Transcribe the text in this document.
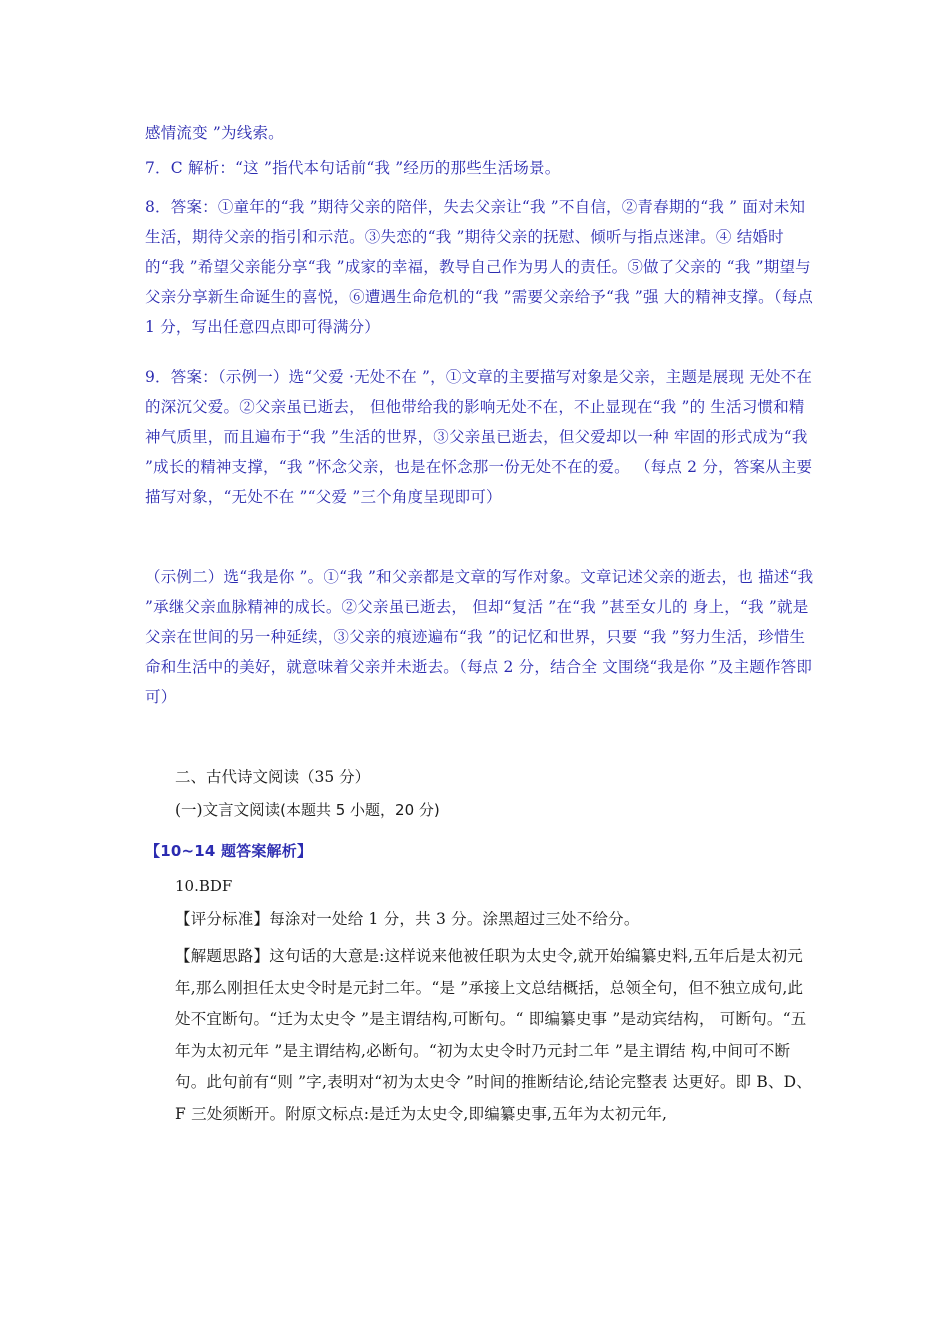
感情流变 ”为线索。

7．C 解析：“这 ”指代本句话前“我 ”经历的那些生活场景。

8．答案：①童年的“我 ”期待父亲的陪伴，失去父亲让“我 ”不自信，②青春期的“我 ” 面对未知生活，期待父亲的指引和示范。③失恋的“我 ”期待父亲的抚慰、倾听与指点迷津。④ 结婚时的“我 ”希望父亲能分享“我 ”成家的幸福，教导自己作为男人的责任。⑤做了父亲的 “我 ”期望与父亲分享新生命诞生的喜悦，⑥遭遇生命危机的“我 ”需要父亲给予“我 ”强 大的精神支撑。（每点 1 分，写出任意四点即可得满分）

9．答案：（示例一）选“父爱 ·无处不在 ”，①文章的主要描写对象是父亲，主题是展现 无处不在的深沉父爱。②父亲虽已逝去， 但他带给我的影响无处不在，不止显现在“我 ”的 生活习惯和精神气质里，而且遍布于“我 ”生活的世界，③父亲虽已逝去，但父爱却以一种 牢固的形式成为“我 ”成长的精神支撑，“我 ”怀念父亲，也是在怀念那一份无处不在的爱。 （每点 2 分，答案从主要描写对象，“无处不在 ”“父爱 ”三个角度呈现即可）

（示例二）选“我是你 ”。①“我 ”和父亲都是文章的写作对象。文章记述父亲的逝去，也 描述“我 ”承继父亲血脉精神的成长。②父亲虽已逝去， 但却“复活 ”在“我 ”甚至女儿的 身上，“我 ”就是父亲在世间的另一种延续，③父亲的痕迹遍布“我 ”的记忆和世界，只要 “我 ”努力生活，珍惜生命和生活中的美好，就意味着父亲并未逝去。（每点 2 分，结合全 文围绕“我是你 ”及主题作答即可）

二、古代诗文阅读（35 分）

(一)文言文阅读(本题共 5 小题，20 分)

【10~14 题答案解析】

10.BDF

【评分标准】每涂对一处给 1 分，共 3 分。涂黑超过三处不给分。

【解题思路】这句话的大意是:这样说来他被任职为太史令,就开始编纂史料,五年后是太初元年,那么刚担任太史令时是元封二年。“是 ”承接上文总结概括，总领全句，但不独立成句,此处不宜断句。“迁为太史令 ”是主谓结构,可断句。“ 即编纂史事 ”是动宾结构， 可断句。“五年为太初元年 ”是主谓结构,必断句。“初为太史令时乃元封二年 ”是主谓结 构,中间可不断句。此句前有“则 ”字,表明对“初为太史令 ”时间的推断结论,结论完整表 达更好。即 B、D、F 三处须断开。附原文标点:是迁为太史令,即编纂史事,五年为太初元年,
